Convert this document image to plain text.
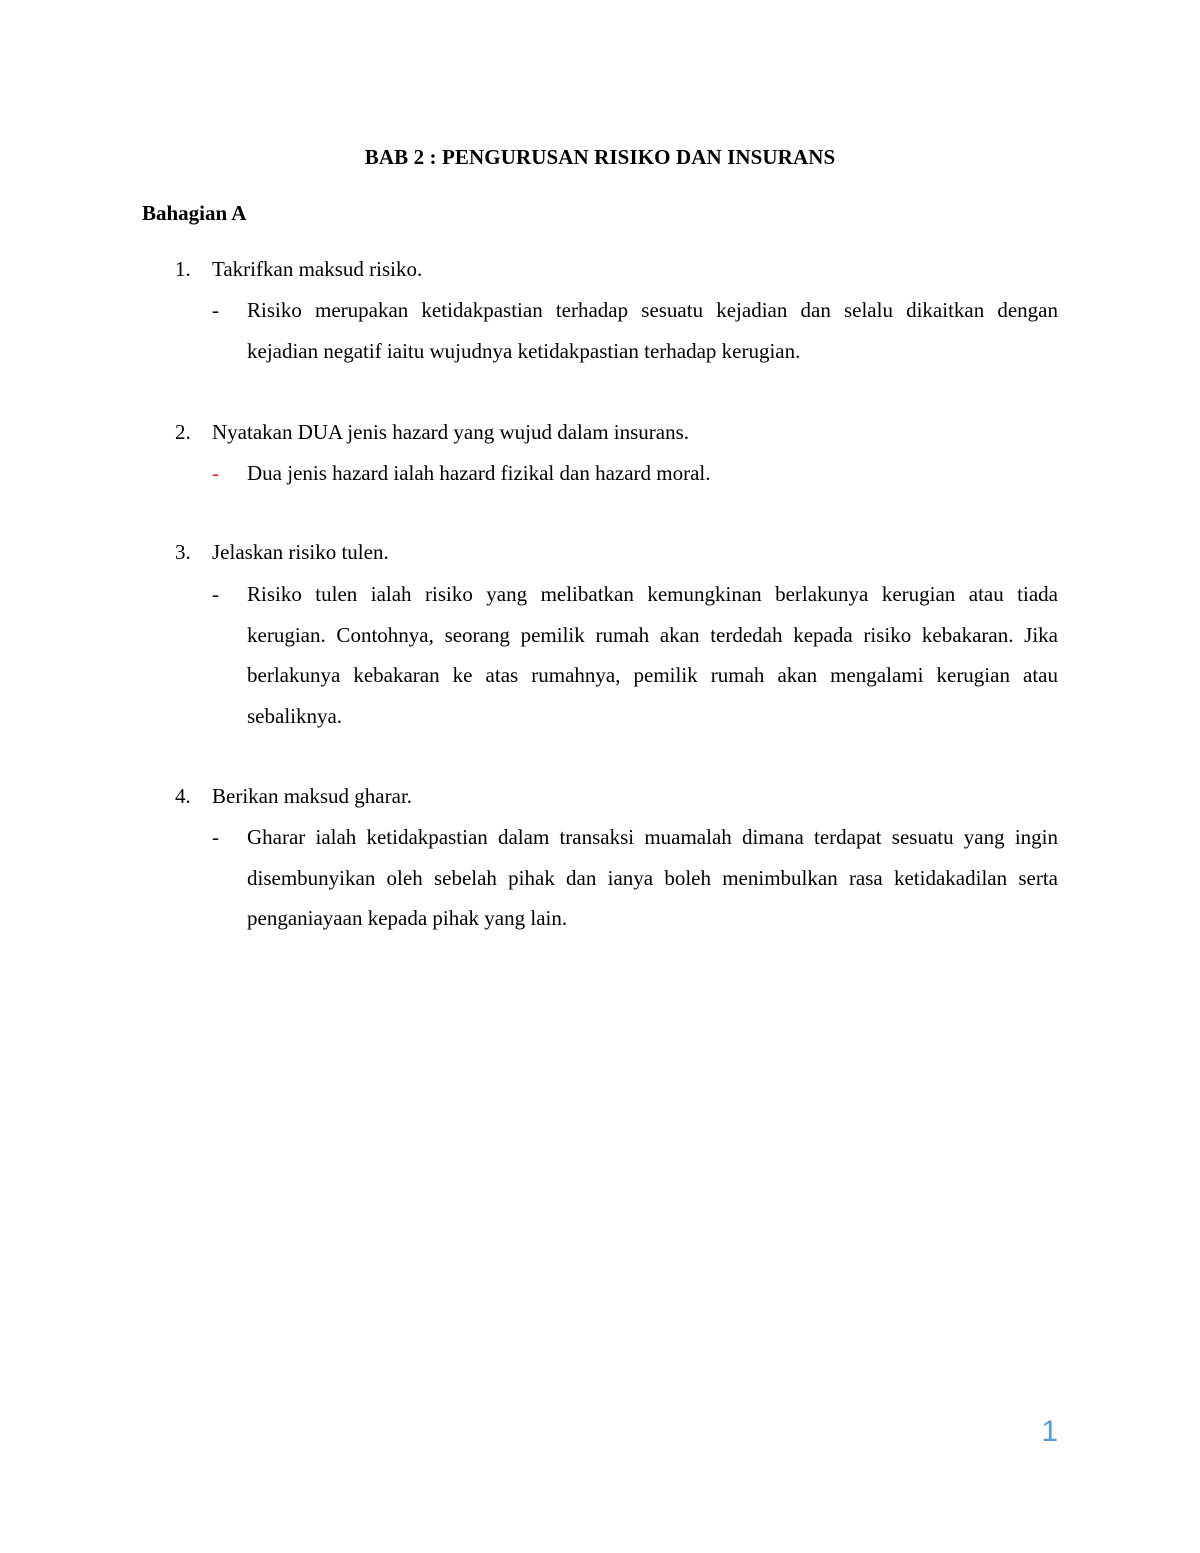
BAB 2 : PENGURUSAN RISIKO DAN INSURANS
Bahagian A
1. Takrifkan maksud risiko.
- Risiko merupakan ketidakpastian terhadap sesuatu kejadian dan selalu dikaitkan dengan kejadian negatif iaitu wujudnya ketidakpastian terhadap kerugian.
2. Nyatakan DUA jenis hazard yang wujud dalam insurans.
- Dua jenis hazard ialah hazard fizikal dan hazard moral.
3. Jelaskan risiko tulen.
- Risiko tulen ialah risiko yang melibatkan kemungkinan berlakunya kerugian atau tiada kerugian. Contohnya, seorang pemilik rumah akan terdedah kepada risiko kebakaran. Jika berlakunya kebakaran ke atas rumahnya, pemilik rumah akan mengalami kerugian atau sebaliknya.
4. Berikan maksud gharar.
- Gharar ialah ketidakpastian dalam transaksi muamalah dimana terdapat sesuatu yang ingin disembunyikan oleh sebelah pihak dan ianya boleh menimbulkan rasa ketidakadilan serta penganiayaan kepada pihak yang lain.
1
